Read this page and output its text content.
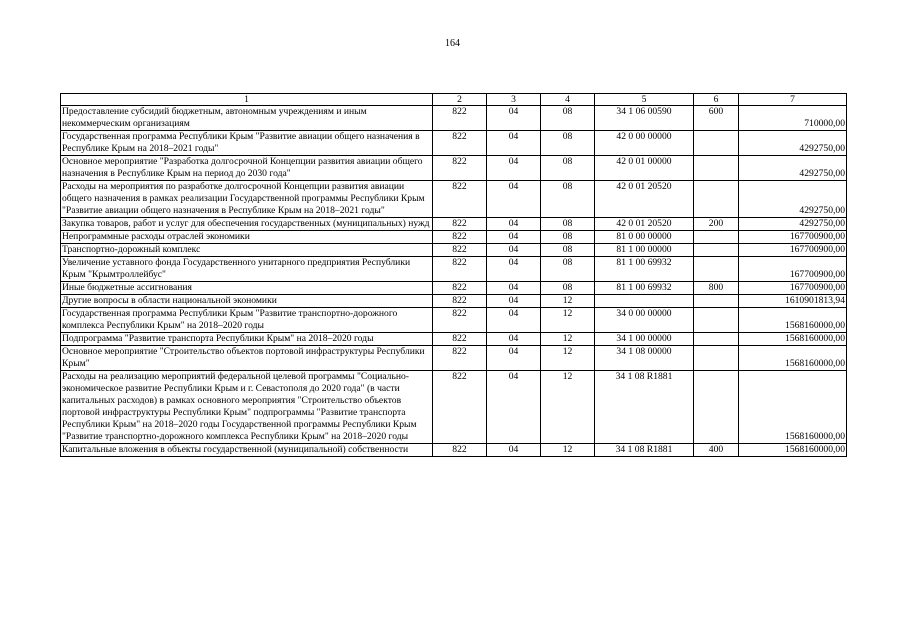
164
1	2	3	4	5	6	7
Предоставление субсидий бюджетным, автономным учреждениям и иным некоммерческим организациям	822	04	08	34 1 06 00590	600	710000,00
Государственная программа Республики Крым "Развитие авиации общего назначения в Республике Крым на 2018–2021 годы"	822	04	08	42 0 00 00000		4292750,00
Основное мероприятие "Разработка долгосрочной Концепции развития авиации общего назначения в Республике Крым на период до 2030 года"	822	04	08	42 0 01 00000		4292750,00
Расходы на мероприятия по разработке долгосрочной Концепции развития авиации общего назначения в рамках реализации Государственной программы Республики Крым "Развитие авиации общего назначения в Республике Крым на 2018–2021 годы"	822	04	08	42 0 01 20520		4292750,00
Закупка товаров, работ и услуг для обеспечения государственных (муниципальных) нужд	822	04	08	42 0 01 20520	200	4292750,00
Непрограммные расходы отраслей экономики	822	04	08	81 0 00 00000		167700900,00
Транспортно-дорожный комплекс	822	04	08	81 1 00 00000		167700900,00
Увеличение уставного фонда Государственного унитарного предприятия Республики Крым "Крымтроллейбус"	822	04	08	81 1 00 69932		167700900,00
Иные бюджетные ассигнования	822	04	08	81 1 00 69932	800	167700900,00
Другие вопросы в области национальной экономики	822	04	12			1610901813,94
Государственная программа Республики Крым "Развитие транспортно-дорожного комплекса Республики Крым" на 2018–2020 годы	822	04	12	34 0 00 00000		1568160000,00
Подпрограмма "Развитие транспорта Республики Крым" на 2018–2020 годы	822	04	12	34 1 00 00000		1568160000,00
Основное мероприятие "Строительство объектов портовой инфраструктуры Республики Крым"	822	04	12	34 1 08 00000		1568160000,00
Расходы на реализацию мероприятий федеральной целевой программы "Социально-экономическое развитие Республики Крым и г. Севастополя до 2020 года" (в части капитальных расходов) в рамках основного мероприятия "Строительство объектов портовой инфраструктуры Республики Крым" подпрограммы "Развитие транспорта Республики Крым" на 2018–2020 годы Государственной программы Республики Крым "Развитие транспортно-дорожного комплекса Республики Крым" на 2018–2020 годы	822	04	12	34 1 08 R1881		1568160000,00
Капитальные вложения в объекты государственной (муниципальной) собственности	822	04	12	34 1 08 R1881	400	1568160000,00
